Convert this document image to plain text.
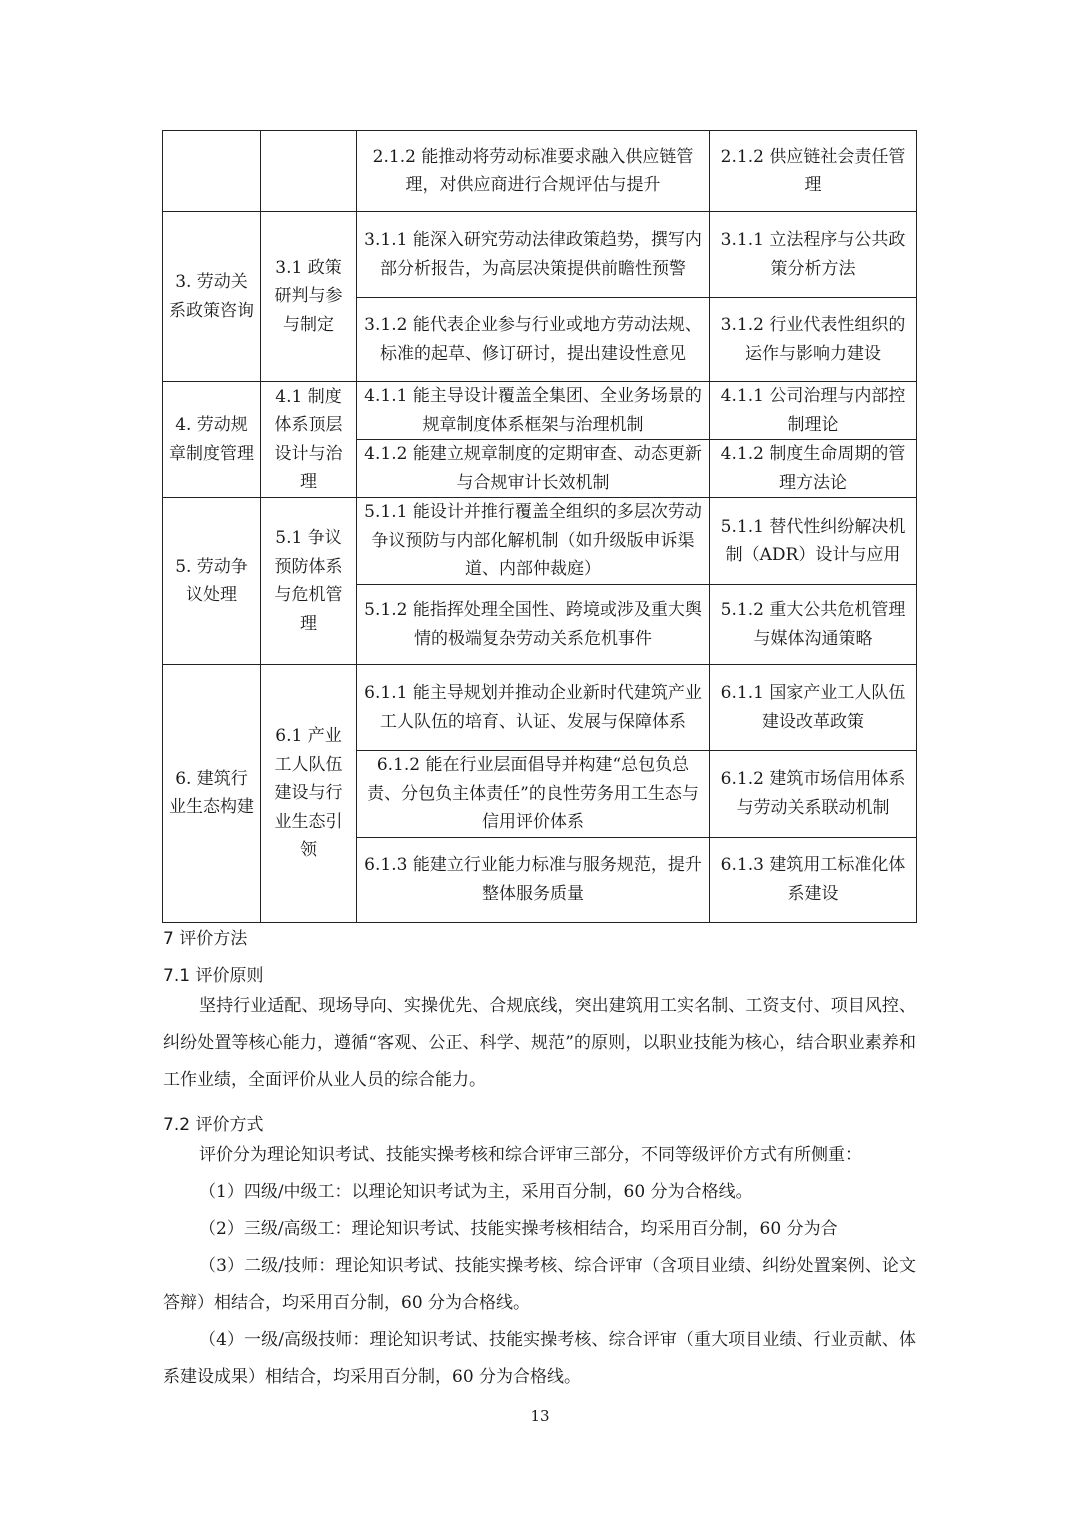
		2.1.2 能推动将劳动标准要求融入供应链管理，对供应商进行合规评估与提升	2.1.2 供应链社会责任管理
3. 劳动关系政策咨询	3.1 政策研判与参与制定	3.1.1 能深入研究劳动法律政策趋势，撰写内部分析报告，为高层决策提供前瞻性预警	3.1.1 立法程序与公共政策分析方法
		3.1.2 能代表企业参与行业或地方劳动法规、标准的起草、修订研讨，提出建设性意见	3.1.2 行业代表性组织的运作与影响力建设
4. 劳动规章制度管理	4.1 制度体系顶层设计与治理	4.1.1 能主导设计覆盖全集团、全业务场景的规章制度体系框架与治理机制	4.1.1 公司治理与内部控制理论
		4.1.2 能建立规章制度的定期审查、动态更新与合规审计长效机制	4.1.2 制度生命周期的管理方法论
5. 劳动争议处理	5.1 争议预防体系与危机管理	5.1.1 能设计并推行覆盖全组织的多层次劳动争议预防与内部化解机制（如升级版申诉渠道、内部仲裁庭）	5.1.1 替代性纠纷解决机制（ADR）设计与应用
		5.1.2 能指挥处理全国性、跨境或涉及重大舆情的极端复杂劳动关系危机事件	5.1.2 重大公共危机管理与媒体沟通策略
6. 建筑行业生态构建	6.1 产业工人队伍建设与行业生态引领	6.1.1 能主导规划并推动企业新时代建筑产业工人队伍的培育、认证、发展与保障体系	6.1.1 国家产业工人队伍建设改革政策
		6.1.2 能在行业层面倡导并构建“总包负总责、分包负主体责任”的良性劳务用工生态与信用评价体系	6.1.2 建筑市场信用体系与劳动关系联动机制
		6.1.3 能建立行业能力标准与服务规范，提升整体服务质量	6.1.3 建筑用工标准化体系建设
7 评价方法
7.1 评价原则
坚持行业适配、现场导向、实操优先、合规底线，突出建筑用工实名制、工资支付、项目风控、纠纷处置等核心能力，遵循“客观、公正、科学、规范”的原则，以职业技能为核心，结合职业素养和工作业绩，全面评价从业人员的综合能力。
7.2 评价方式
评价分为理论知识考试、技能实操考核和综合评审三部分，不同等级评价方式有所侧重：
（1）四级/中级工：以理论知识考试为主，采用百分制，60 分为合格线。
（2）三级/高级工：理论知识考试、技能实操考核相结合，均采用百分制，60 分为合
（3）二级/技师：理论知识考试、技能实操考核、综合评审（含项目业绩、纠纷处置案例、论文答辩）相结合，均采用百分制，60 分为合格线。
（4）一级/高级技师：理论知识考试、技能实操考核、综合评审（重大项目业绩、行业贡献、体系建设成果）相结合，均采用百分制，60 分为合格线。
13
